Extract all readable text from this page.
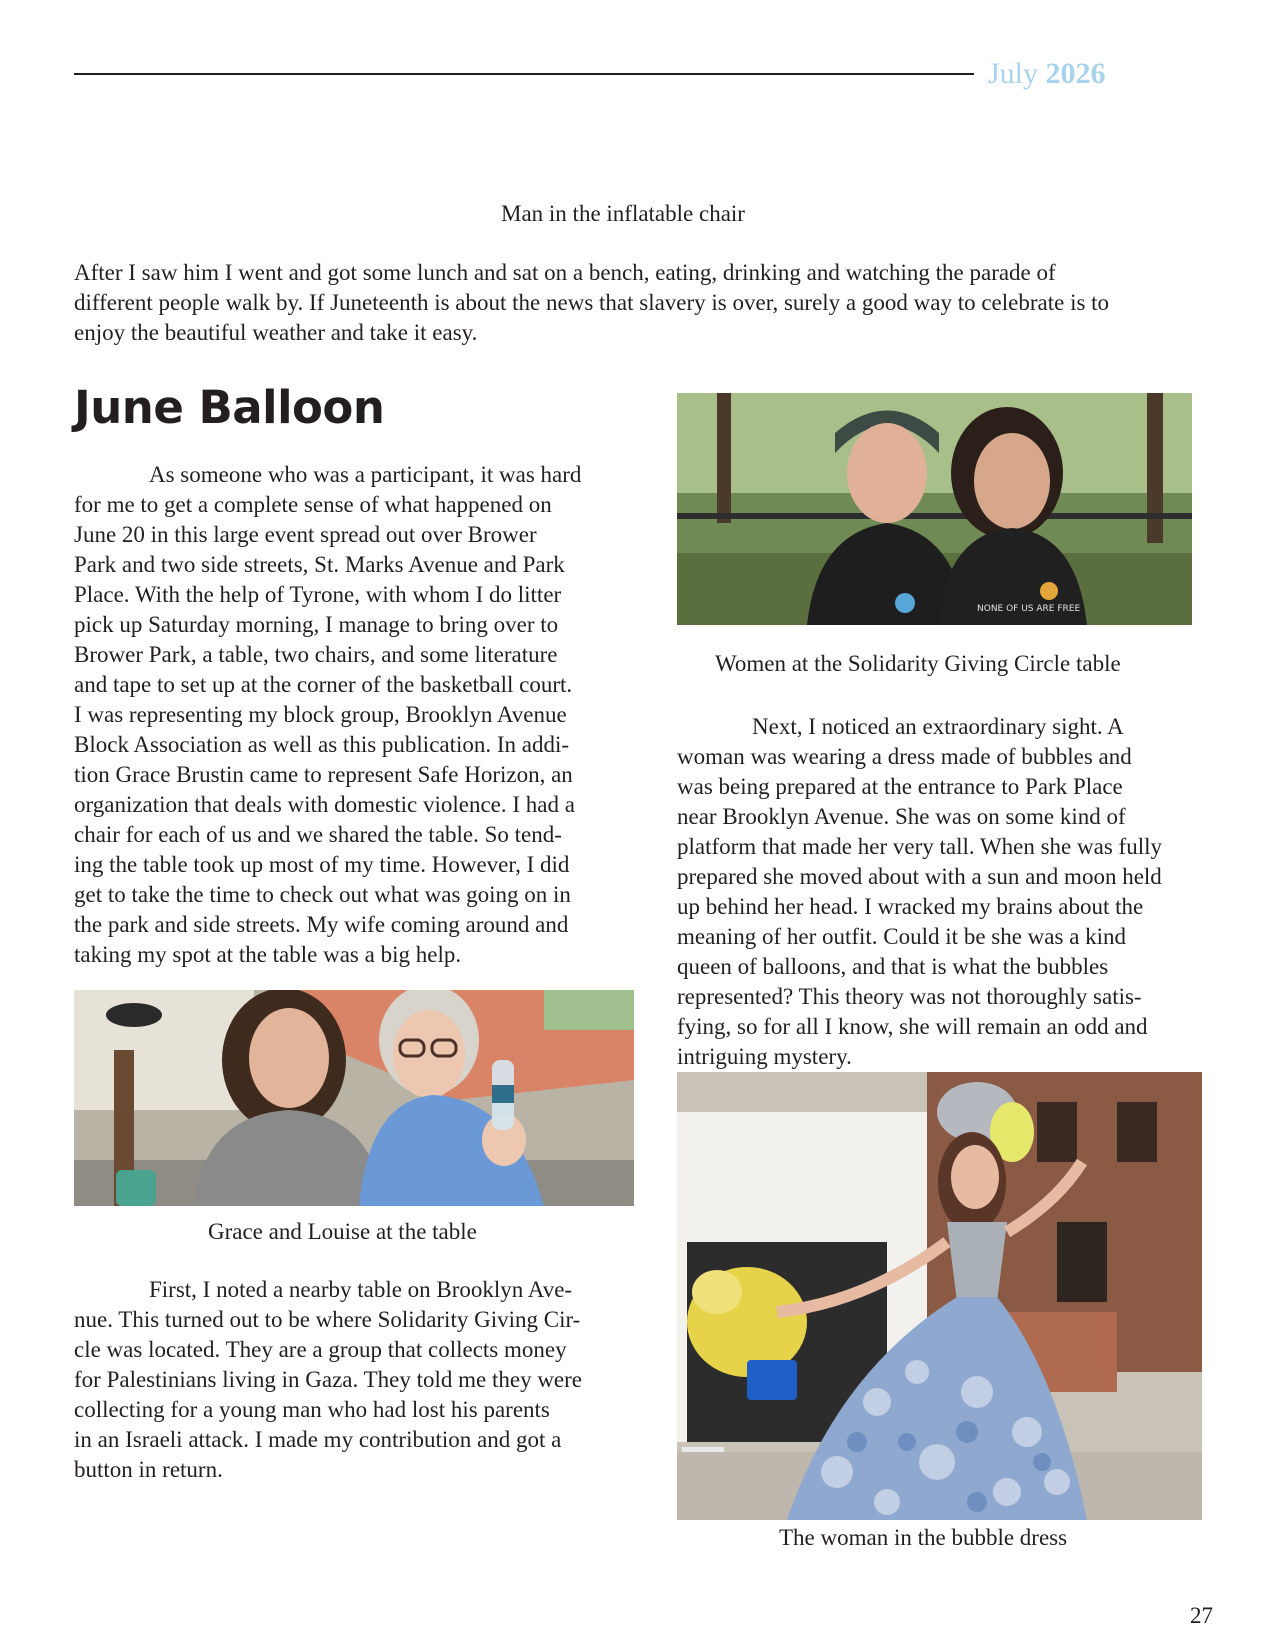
July 2026
Man in the inflatable chair

After I saw him I went and got some lunch and sat on a bench, eating, drinking and watching the parade of
different people walk by. If Juneteenth is about the news that slavery is over, surely a good way to celebrate is to
enjoy the beautiful weather and take it easy.

June Balloon

As someone who was a participant, it was hard
for me to get a complete sense of what happened on
June 20 in this large event spread out over Brower
Park and two side streets, St. Marks Avenue and Park
Place. With the help of Tyrone, with whom I do litter
pick up Saturday morning, I manage to bring over to
Brower Park, a table, two chairs, and some literature
and tape to set up at the corner of the basketball court.
I was representing my block group, Brooklyn Avenue
Block Association as well as this publication. In addi-
tion Grace Brustin came to represent Safe Horizon, an
organization that deals with domestic violence. I had a
chair for each of us and we shared the table. So tend-
ing the table took up most of my time. However, I did
get to take the time to check out what was going on in
the park and side streets. My wife coming around and
taking my spot at the table was a big help.

Grace and Louise at the table

First, I noted a nearby table on Brooklyn Ave-
nue. This turned out to be where Solidarity Giving Cir-
cle was located. They are a group that collects money
for Palestinians living in Gaza. They told me they were
collecting for a young man who had lost his parents
in an Israeli attack. I made my contribution and got a
button in return.

NONE OF US ARE FREE
Women at the Solidarity Giving Circle table

Next, I noticed an extraordinary sight. A
woman was wearing a dress made of bubbles and
was being prepared at the entrance to Park Place
near Brooklyn Avenue. She was on some kind of
platform that made her very tall. When she was fully
prepared she moved about with a sun and moon held
up behind her head. I wracked my brains about the
meaning of her outfit. Could it be she was a kind
queen of balloons, and that is what the bubbles
represented? This theory was not thoroughly satis-
fying, so for all I know, she will remain an odd and
intriguing mystery.

The woman in the bubble dress
27
